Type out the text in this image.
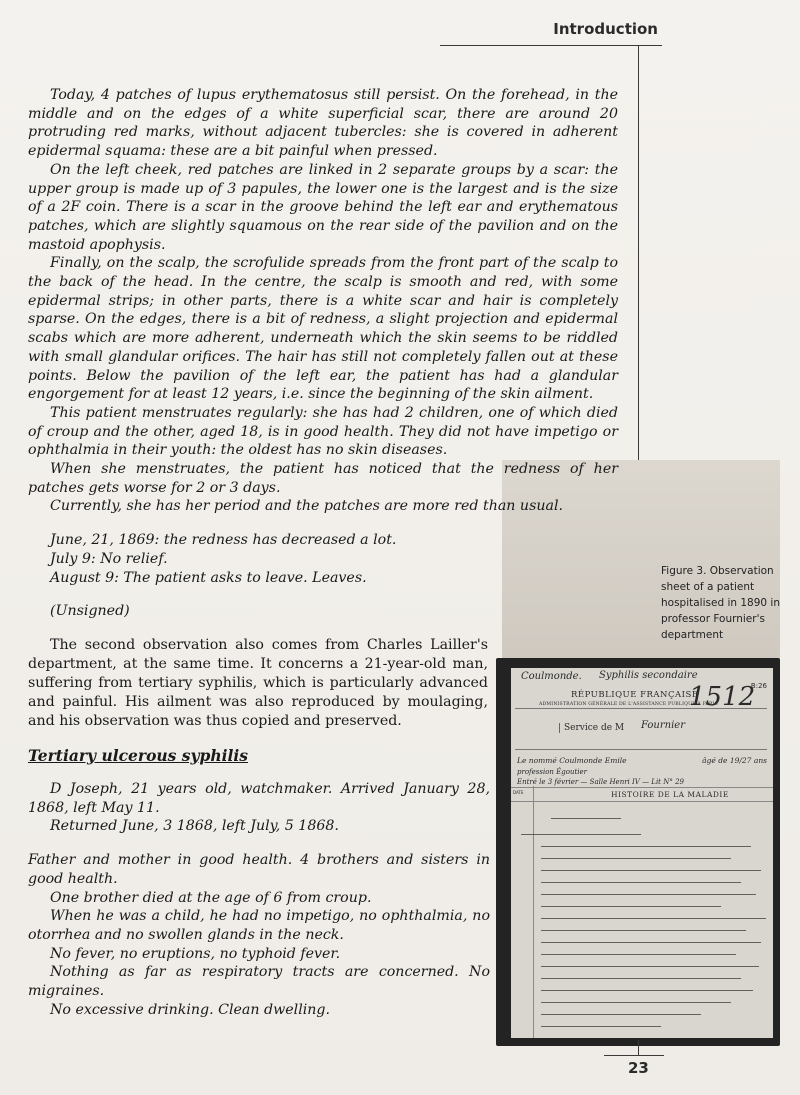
Introduction

Today, 4 patches of lupus erythematosus still persist. On the forehead, in the middle and on the edges of a white superficial scar, there are around 20 protruding red marks, without adjacent tubercles: she is covered in adherent epidermal squama: these are a bit painful when pressed.

On the left cheek, red patches are linked in 2 separate groups by a scar: the upper group is made up of 3 papules, the lower one is the largest and is the size of a 2F coin. There is a scar in the groove behind the left ear and erythematous patches, which are slightly squamous on the rear side of the pavilion and on the mastoid apophysis.

Finally, on the scalp, the scrofulide spreads from the front part of the scalp to the back of the head. In the centre, the scalp is smooth and red, with some epidermal strips; in other parts, there is a white scar and hair is completely sparse. On the edges, there is a bit of redness, a slight projection and epidermal scabs which are more adherent, underneath which the skin seems to be riddled with small glandular orifices. The hair has still not completely fallen out at these points. Below the pavilion of the left ear, the patient has had a glandular engorgement for at least 12 years, i.e. since the beginning of the skin ailment.

This patient menstruates regularly: she has had 2 children, one of which died of croup and the other, aged 18, is in good health. They did not have impetigo or ophthalmia in their youth: the oldest has no skin diseases.

When she menstruates, the patient has noticed that the redness of her patches gets worse for 2 or 3 days.

Currently, she has her period and the patches are more red than usual.

June, 21, 1869: the redness has decreased a lot.

July 9: No relief.

August 9: The patient asks to leave. Leaves.

(Unsigned)

The second observation also comes from Charles Lailler's department, at the same time. It concerns a 21-year-old man, suffering from tertiary syphilis, which is particularly advanced and painful. His ailment was also reproduced by moulaging, and his observation was thus copied and preserved.

Tertiary ulcerous syphilis

D Joseph, 21 years old, watchmaker. Arrived January 28, 1868, left May 11.

Returned June, 3 1868, left July, 5 1868.

Father and mother in good health. 4 brothers and sisters in good health.

One brother died at the age of 6 from croup.

When he was a child, he had no impetigo, no ophthalmia, no otorrhea and no swollen glands in the neck.

No fever, no eruptions, no typhoid fever.

Nothing as far as respiratory tracts are concerned. No migraines.

No excessive drinking. Clean dwelling.

Figure 3. Observation sheet of a patient hospitalised in 1890 in professor Fournier's department
Coulmonde. Syphilis secondaire
B:26
RÉPUBLIQUE FRANÇAISE
ADMINISTRATION GÉNÉRALE DE L'ASSISTANCE PUBLIQUE À PARIS
1512
Service de M Fournier
Le nommé Coulmonde Emile	âgé de 19/27 ans
profession Égoutier
Entré le 3 février — Salle Henri IV — Lit N° 29
DATE	HISTOIRE DE LA MALADIE
23
